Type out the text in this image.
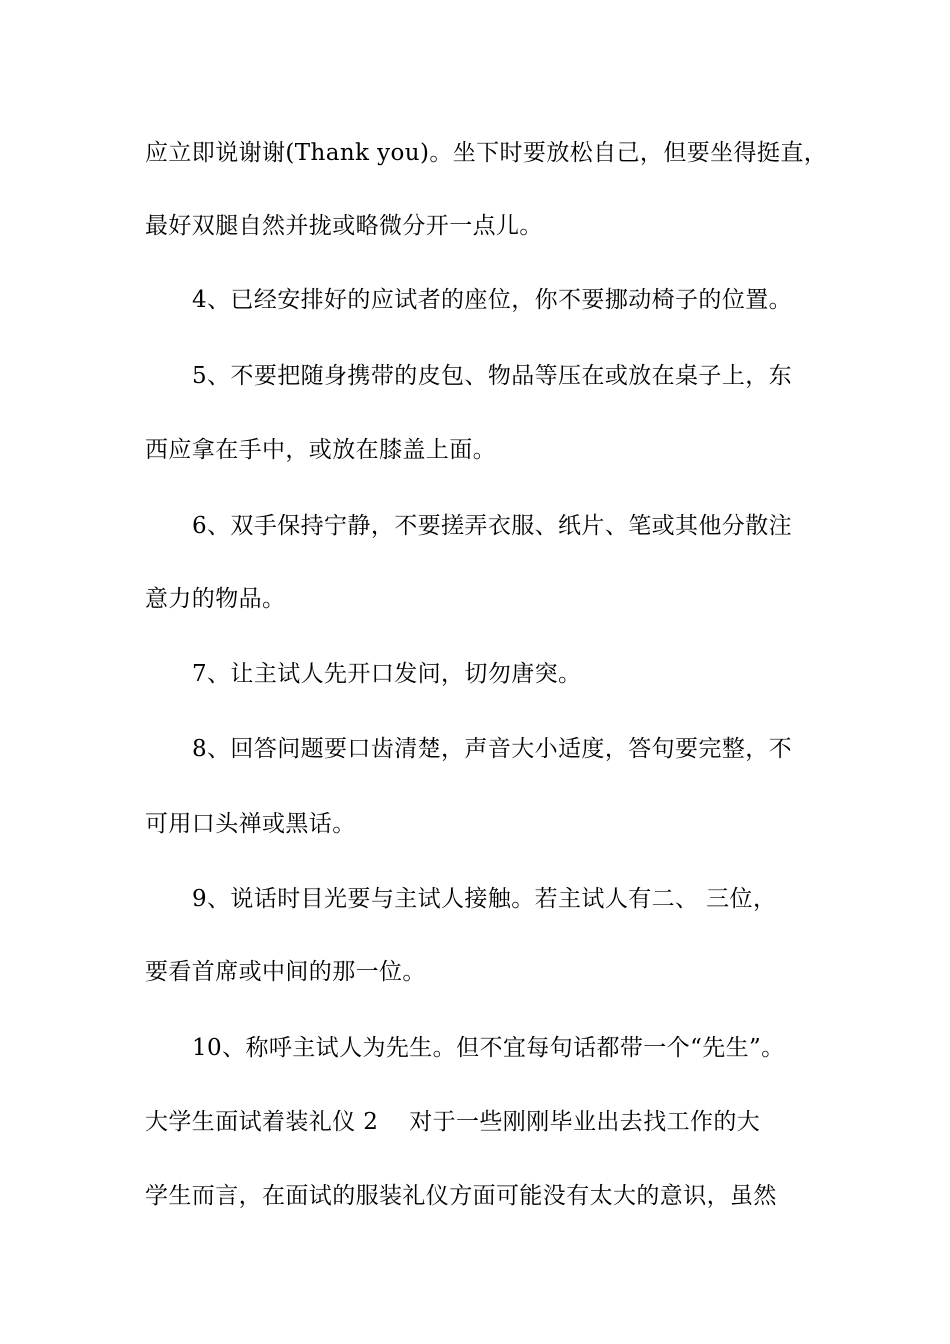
应立即说谢谢(Thank you)。坐下时要放松自己，但要坐得挺直，
最好双腿自然并拢或略微分开一点儿。
4、已经安排好的应试者的座位，你不要挪动椅子的位置。
5、不要把随身携带的皮包、物品等压在或放在桌子上，东
西应拿在手中，或放在膝盖上面。
6、双手保持宁静，不要搓弄衣服、纸片、笔或其他分散注
意力的物品。
7、让主试人先开口发问，切勿唐突。
8、回答问题要口齿清楚，声音大小适度，答句要完整，不
可用口头禅或黑话。
9、说话时目光要与主试人接触。若主试人有二、 三位，
要看首席或中间的那一位。
10、称呼主试人为先生。但不宜每句话都带一个“先生”。
大学生面试着装礼仪 2    对于一些刚刚毕业出去找工作的大
学生而言，在面试的服装礼仪方面可能没有太大的意识，虽然
